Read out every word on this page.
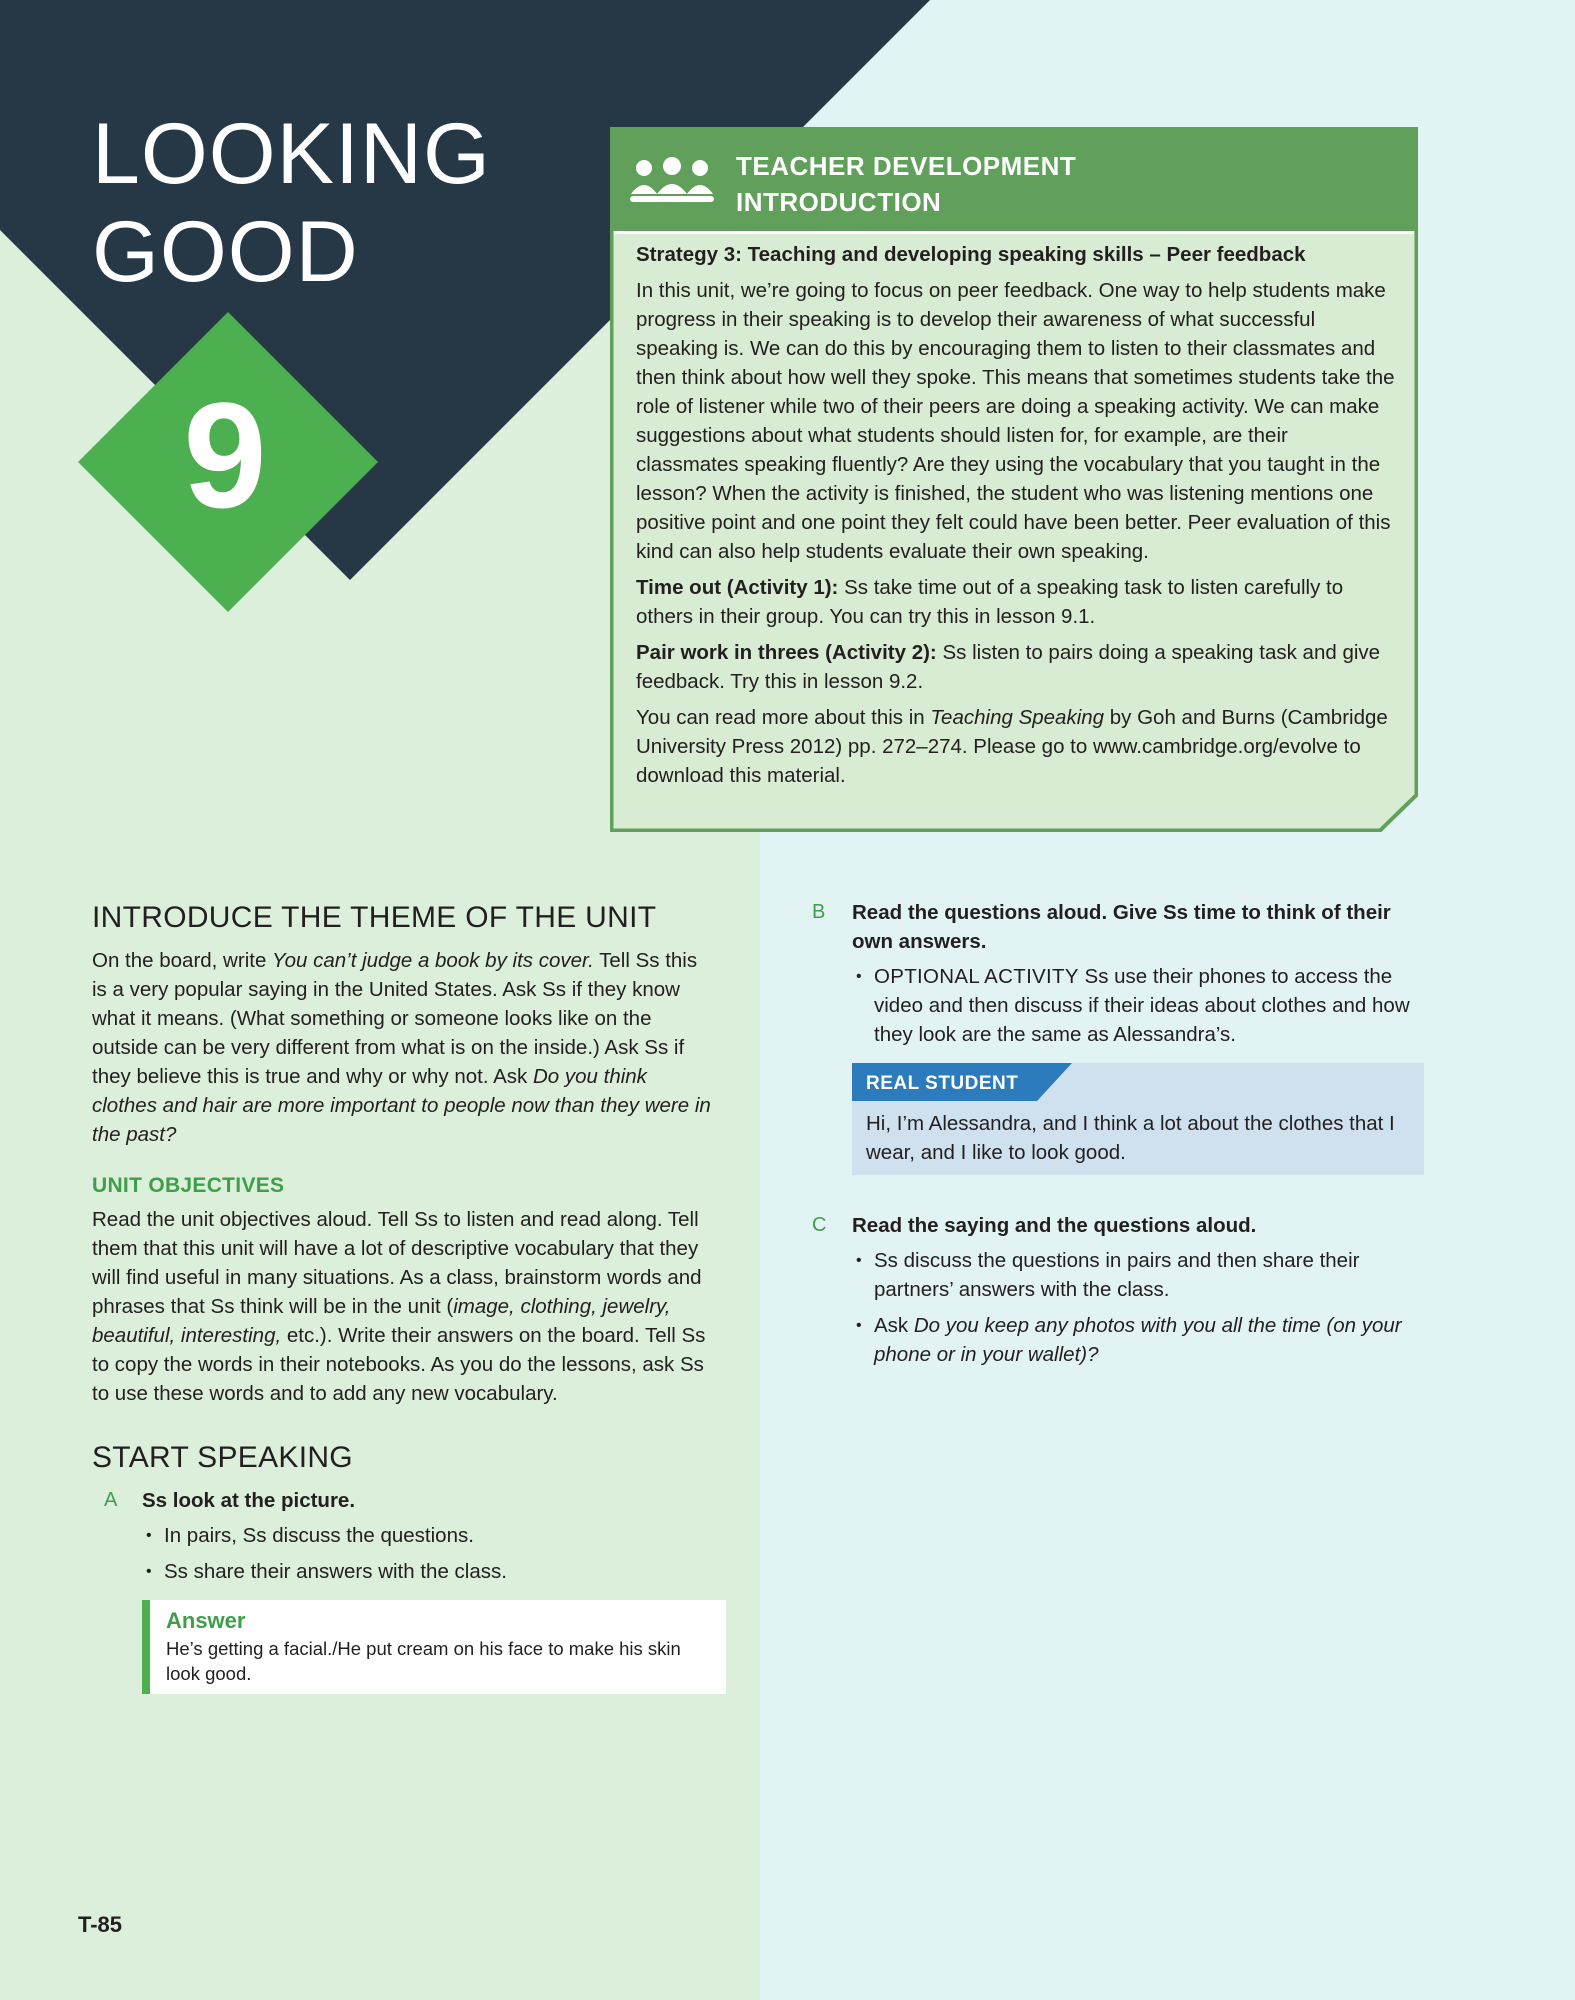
LOOKING
GOOD
9
TEACHER DEVELOPMENT
INTRODUCTION

Strategy 3: Teaching and developing speaking skills – Peer feedback

In this unit, we’re going to focus on peer feedback. One way to help students make progress in their speaking is to develop their awareness of what successful speaking is. We can do this by encouraging them to listen to their classmates and then think about how well they spoke. This means that sometimes students take the role of listener while two of their peers are doing a speaking activity. We can make suggestions about what students should listen for, for example, are their classmates speaking fluently? Are they using the vocabulary that you taught in the lesson? When the activity is finished, the student who was listening mentions one positive point and one point they felt could have been better. Peer evaluation of this kind can also help students evaluate their own speaking.

Time out (Activity 1): Ss take time out of a speaking task to listen carefully to others in their group. You can try this in lesson 9.1.

Pair work in threes (Activity 2): Ss listen to pairs doing a speaking task and give feedback. Try this in lesson 9.2.

You can read more about this in Teaching Speaking by Goh and Burns (Cambridge University Press 2012) pp. 272–274. Please go to www.cambridge.org/evolve to download this material.

INTRODUCE THE THEME OF THE UNIT

On the board, write You can’t judge a book by its cover. Tell Ss this is a very popular saying in the United States. Ask Ss if they know what it means. (What something or someone looks like on the outside can be very different from what is on the inside.) Ask Ss if they believe this is true and why or why not. Ask Do you think clothes and hair are more important to people now than they were in the past?

UNIT OBJECTIVES

Read the unit objectives aloud. Tell Ss to listen and read along. Tell them that this unit will have a lot of descriptive vocabulary that they will find useful in many situations. As a class, brainstorm words and phrases that Ss think will be in the unit (image, clothing, jewelry, beautiful, interesting, etc.). Write their answers on the board. Tell Ss to copy the words in their notebooks. As you do the lessons, ask Ss to use these words and to add any new vocabulary.

START SPEAKING
A Ss look at the picture.

• In pairs, Ss discuss the questions.
• Ss share their answers with the class.
Answer
He’s getting a facial./He put cream on his face to make his skin look good.
B Read the questions aloud. Give Ss time to think of their own answers.

• OPTIONAL ACTIVITY Ss use their phones to access the video and then discuss if their ideas about clothes and how they look are the same as Alessandra’s.
REAL STUDENT
Hi, I’m Alessandra, and I think a lot about the clothes that I wear, and I like to look good.
C Read the saying and the questions aloud.

• Ss discuss the questions in pairs and then share their partners’ answers with the class.
• Ask Do you keep any photos with you all the time (on your phone or in your wallet)?
T-85
